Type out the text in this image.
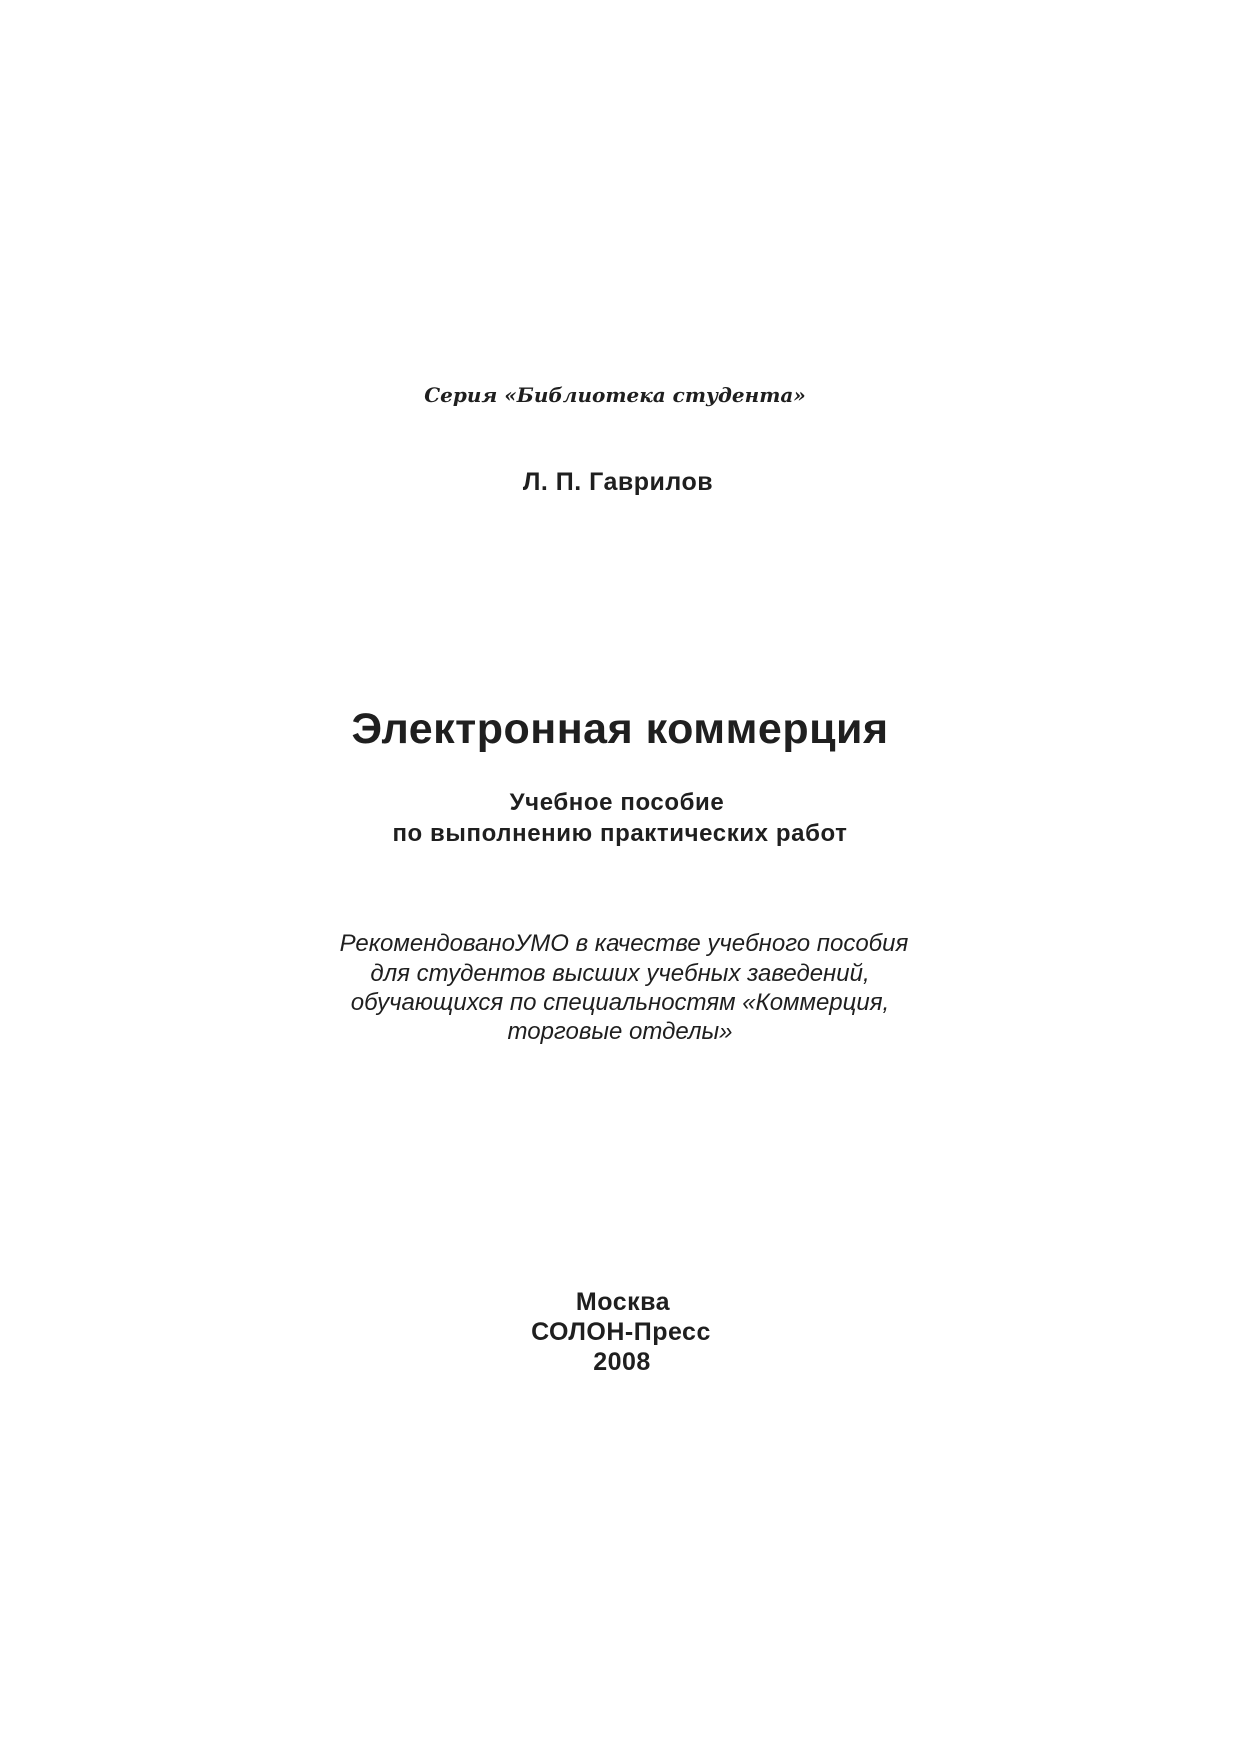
Серия «Библиотека студента»

Л. П. Гаврилов

Электронная коммерция

Учебное пособие

по выполнению практических работ

РекомендованоУМО в качестве учебного пособия

для студентов высших учебных заведений,

обучающихся по специальностям «Коммерция,

торговые отделы»

Москва

СОЛОН-Пресс

2008
